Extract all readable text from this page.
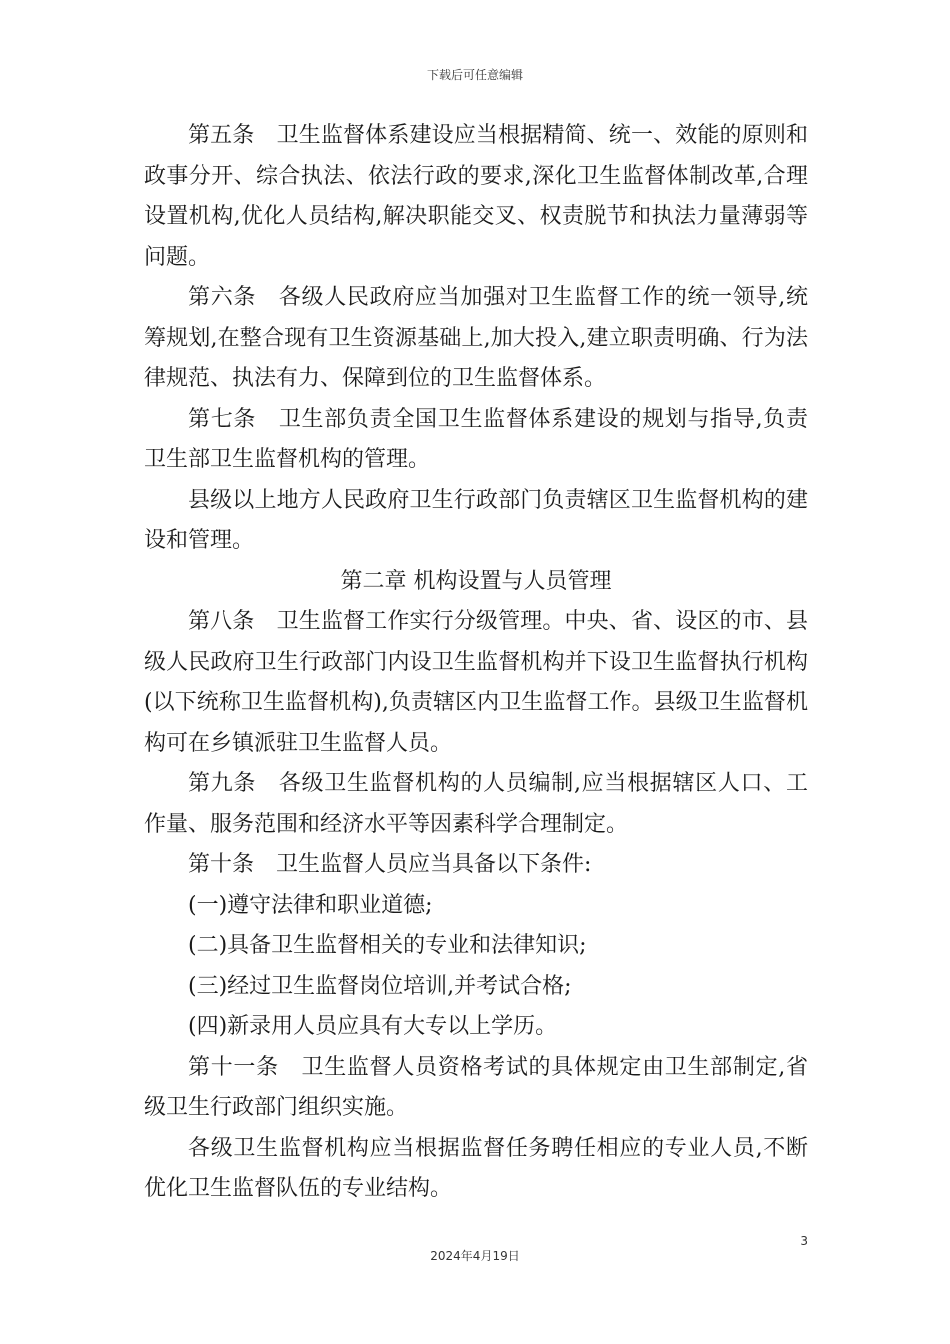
下载后可任意编辑

第五条　卫生监督体系建设应当根据精简、统一、效能的原则和政事分开、综合执法、依法行政的要求,深化卫生监督体制改革,合理设置机构,优化人员结构,解决职能交叉、权责脱节和执法力量薄弱等问题。

第六条　各级人民政府应当加强对卫生监督工作的统一领导,统筹规划,在整合现有卫生资源基础上,加大投入,建立职责明确、行为法律规范、执法有力、保障到位的卫生监督体系。

第七条　卫生部负责全国卫生监督体系建设的规划与指导,负责卫生部卫生监督机构的管理。

县级以上地方人民政府卫生行政部门负责辖区卫生监督机构的建设和管理。

第二章 机构设置与人员管理

第八条　卫生监督工作实行分级管理。中央、省、设区的市、县级人民政府卫生行政部门内设卫生监督机构并下设卫生监督执行机构(以下统称卫生监督机构),负责辖区内卫生监督工作。县级卫生监督机构可在乡镇派驻卫生监督人员。

第九条　各级卫生监督机构的人员编制,应当根据辖区人口、工作量、服务范围和经济水平等因素科学合理制定。

第十条　卫生监督人员应当具备以下条件:

(一)遵守法律和职业道德;

(二)具备卫生监督相关的专业和法律知识;

(三)经过卫生监督岗位培训,并考试合格;

(四)新录用人员应具有大专以上学历。

第十一条　卫生监督人员资格考试的具体规定由卫生部制定,省级卫生行政部门组织实施。

各级卫生监督机构应当根据监督任务聘任相应的专业人员,不断优化卫生监督队伍的专业结构。

3
2024年4月19日
